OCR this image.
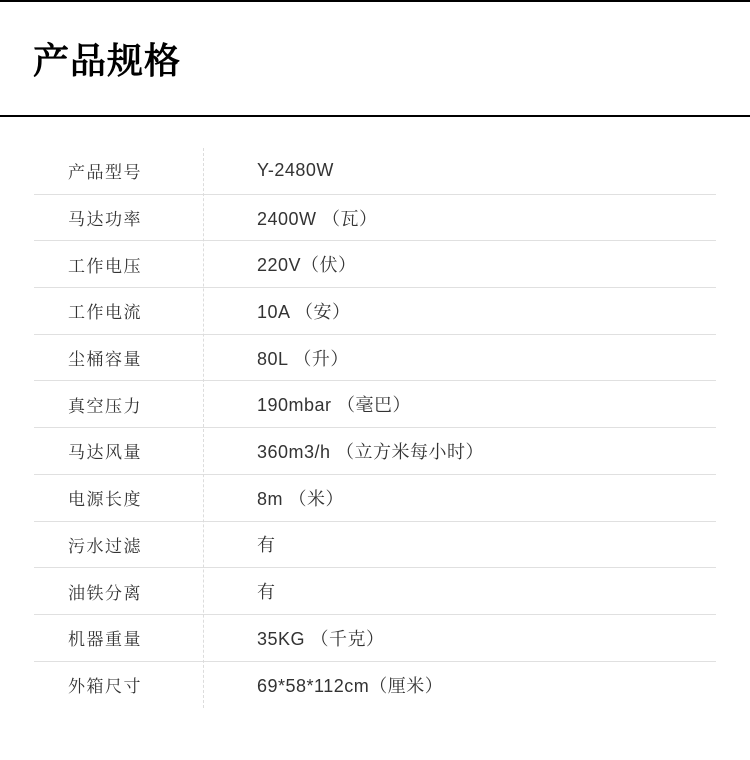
产品规格
产品型号	Y-2480W
马达功率	2400W （瓦）
工作电压	220V（伏）
工作电流	10A （安）
尘桶容量	80L （升）
真空压力	190mbar （毫巴）
马达风量	360m3/h （立方米每小时）
电源长度	8m （米）
污水过滤	有
油铁分离	有
机器重量	35KG （千克）
外箱尺寸	69*58*112cm（厘米）
